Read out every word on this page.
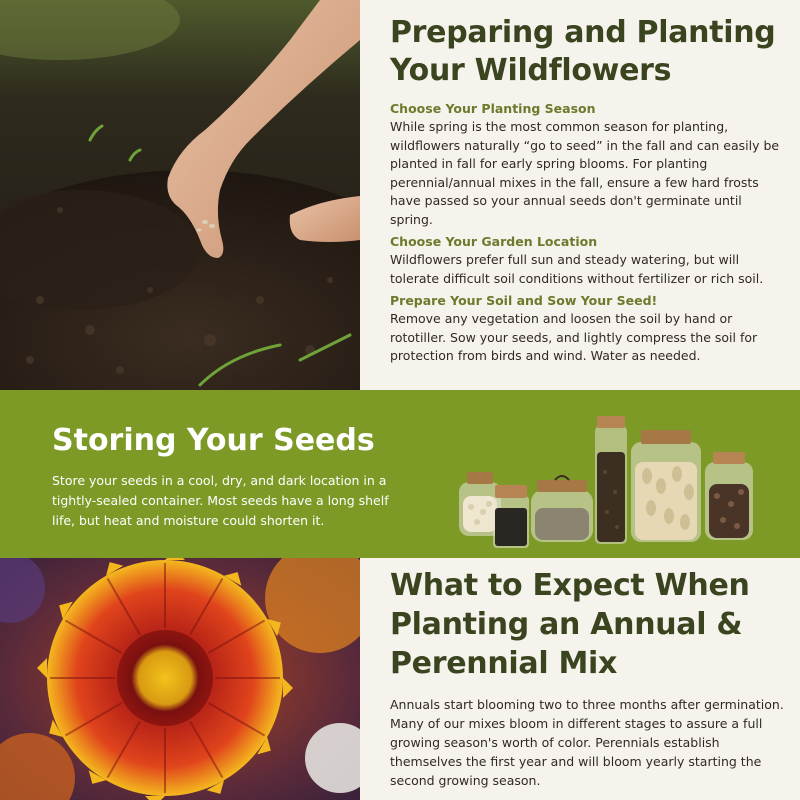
Preparing and Planting Your Wildflowers
Choose Your Planting Season

While spring is the most common season for planting, wildflowers naturally “go to seed” in the fall and can easily be planted in fall for early spring blooms. For planting perennial/annual mixes in the fall, ensure a few hard frosts have passed so your annual seeds don't germinate until spring.

Choose Your Garden Location

Wildflowers prefer full sun and steady watering, but will tolerate difficult soil conditions without fertilizer or rich soil.

Prepare Your Soil and Sow Your Seed!

Remove any vegetation and loosen the soil by hand or rototiller. Sow your seeds, and lightly compress the soil for protection from birds and wind. Water as needed.

Storing Your Seeds

Store your seeds in a cool, dry, and dark location in a tightly-sealed container. Most seeds have a long shelf life, but heat and moisture could shorten it.

What to Expect When Planting an Annual & Perennial Mix

Annuals start blooming two to three months after germination. Many of our mixes bloom in different stages to assure a full growing season's worth of color. Perennials establish themselves the first year and will bloom yearly starting the second growing season.
